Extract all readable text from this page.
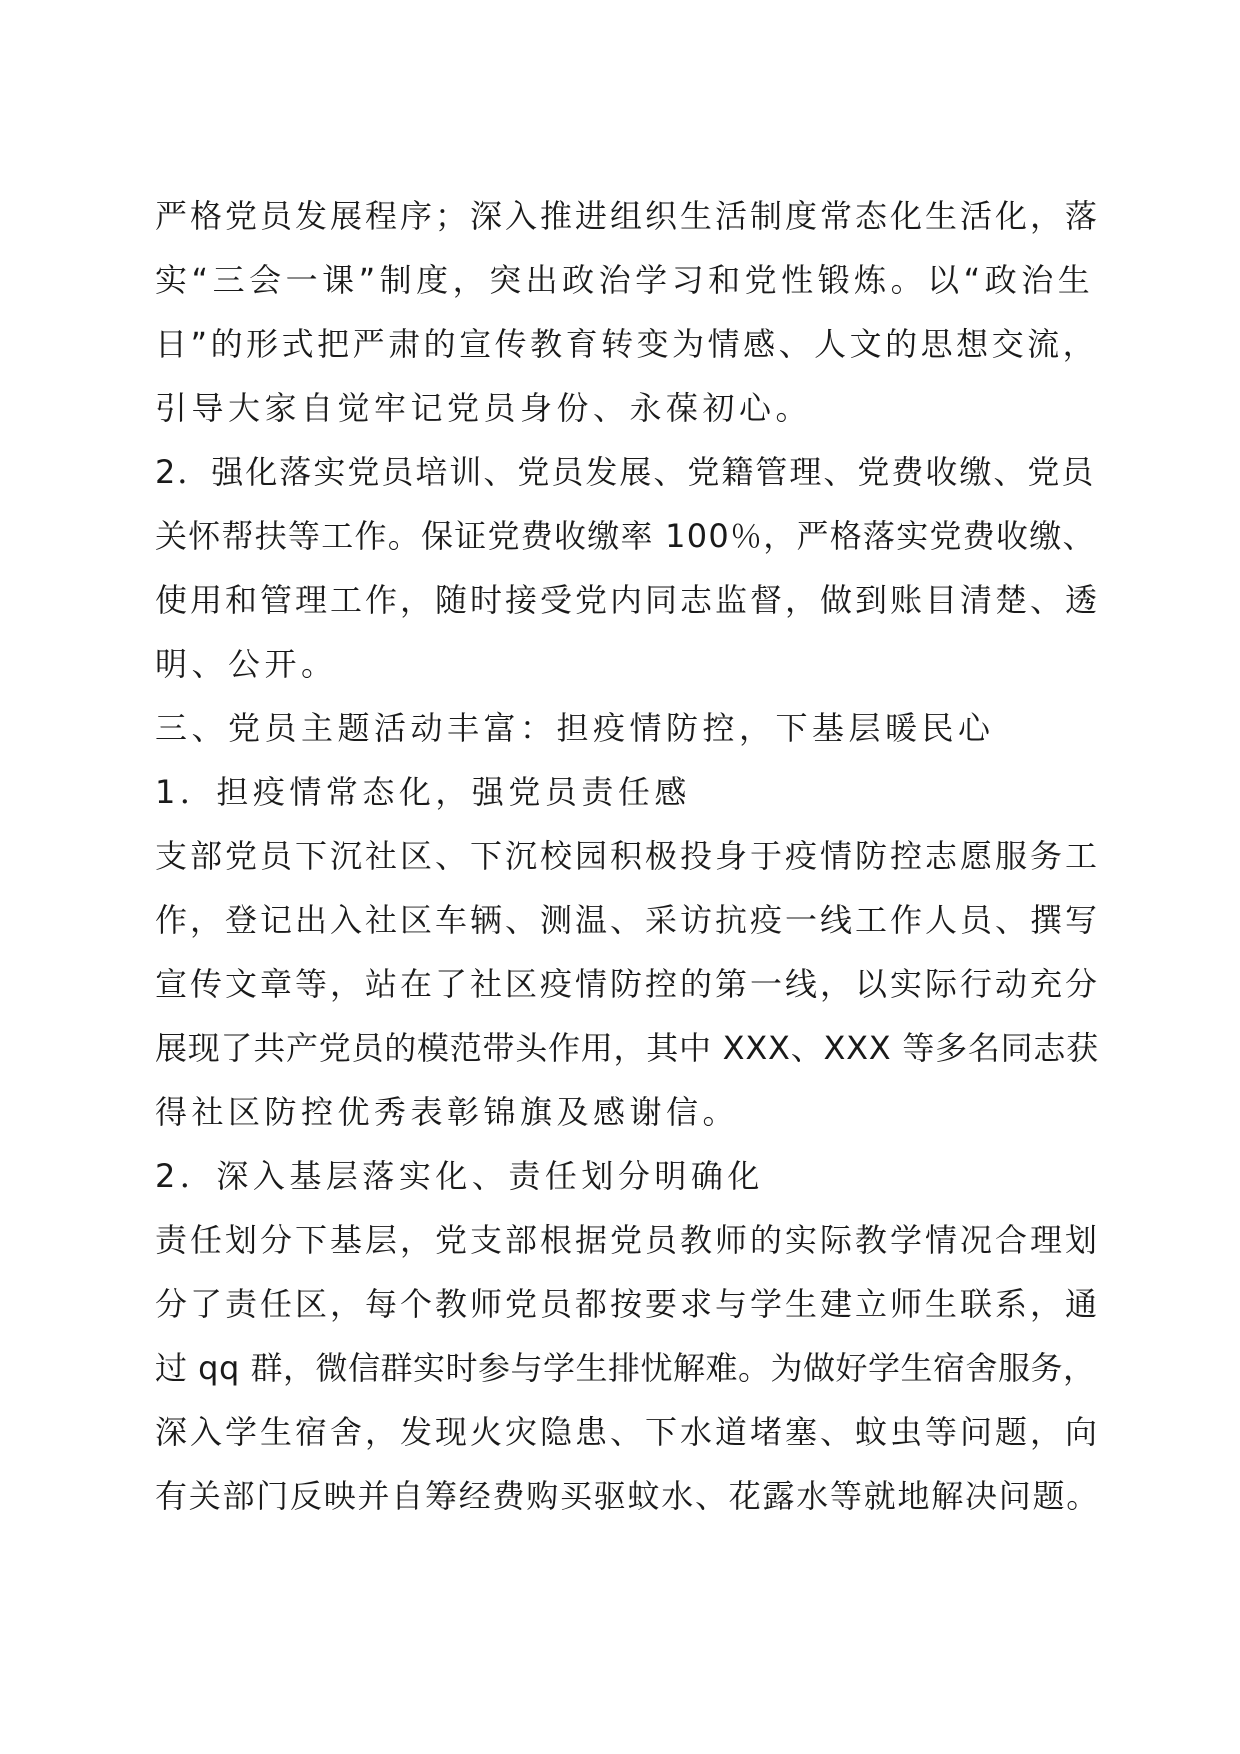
严格党员发展程序；深入推进组织生活制度常态化生活化，落
实“三会一课”制度，突出政治学习和党性锻炼。以“政治生
日”的形式把严肃的宣传教育转变为情感、人文的思想交流，
引导大家自觉牢记党员身份、永葆初心。
2．强化落实党员培训、党员发展、党籍管理、党费收缴、党员
关怀帮扶等工作。保证党费收缴率 100％，严格落实党费收缴、
使用和管理工作，随时接受党内同志监督，做到账目清楚、透
明、公开。
三、党员主题活动丰富：担疫情防控，下基层暖民心
1．担疫情常态化，强党员责任感
支部党员下沉社区、下沉校园积极投身于疫情防控志愿服务工
作，登记出入社区车辆、测温、采访抗疫一线工作人员、撰写
宣传文章等，站在了社区疫情防控的第一线，以实际行动充分
展现了共产党员的模范带头作用，其中 XXX、XXX 等多名同志获
得社区防控优秀表彰锦旗及感谢信。
2．深入基层落实化、责任划分明确化
责任划分下基层，党支部根据党员教师的实际教学情况合理划
分了责任区，每个教师党员都按要求与学生建立师生联系，通
过 qq 群，微信群实时参与学生排忧解难。为做好学生宿舍服务，
深入学生宿舍，发现火灾隐患、下水道堵塞、蚊虫等问题，向
有关部门反映并自筹经费购买驱蚊水、花露水等就地解决问题。
